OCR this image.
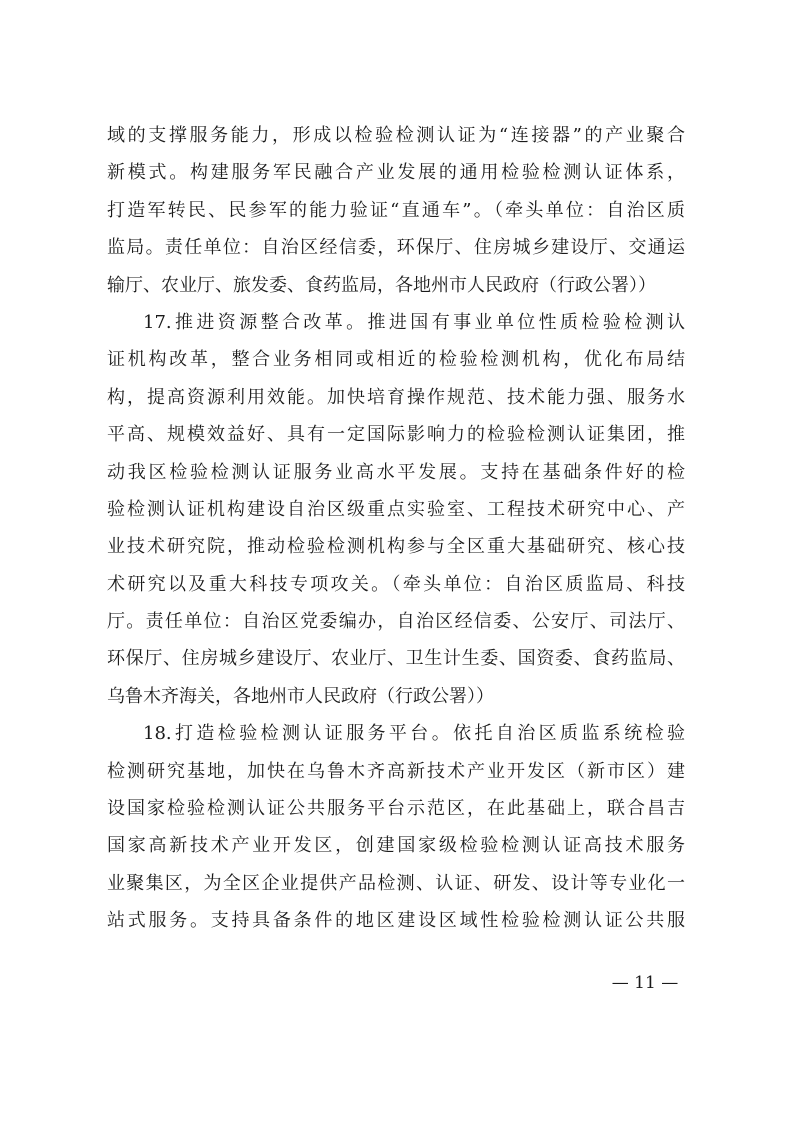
域的支撑服务能力，形成以检验检测认证为“连接器”的产业聚合
新模式。构建服务军民融合产业发展的通用检验检测认证体系，
打造军转民、民参军的能力验证“直通车”。（牵头单位：自治区质
监局。责任单位：自治区经信委，环保厅、住房城乡建设厅、交通运
输厅、农业厅、旅发委、食药监局，各地州市人民政府（行政公署））
17.推进资源整合改革。推进国有事业单位性质检验检测认
证机构改革，整合业务相同或相近的检验检测机构，优化布局结
构，提高资源利用效能。加快培育操作规范、技术能力强、服务水
平高、规模效益好、具有一定国际影响力的检验检测认证集团，推
动我区检验检测认证服务业高水平发展。支持在基础条件好的检
验检测认证机构建设自治区级重点实验室、工程技术研究中心、产
业技术研究院，推动检验检测机构参与全区重大基础研究、核心技
术研究以及重大科技专项攻关。（牵头单位：自治区质监局、科技
厅。责任单位：自治区党委编办，自治区经信委、公安厅、司法厅、
环保厅、住房城乡建设厅、农业厅、卫生计生委、国资委、食药监局、
乌鲁木齐海关，各地州市人民政府（行政公署））
18.打造检验检测认证服务平台。依托自治区质监系统检验
检测研究基地，加快在乌鲁木齐高新技术产业开发区（新市区）建
设国家检验检测认证公共服务平台示范区，在此基础上，联合昌吉
国家高新技术产业开发区，创建国家级检验检测认证高技术服务
业聚集区，为全区企业提供产品检测、认证、研发、设计等专业化一
站式服务。支持具备条件的地区建设区域性检验检测认证公共服
— 11 —
